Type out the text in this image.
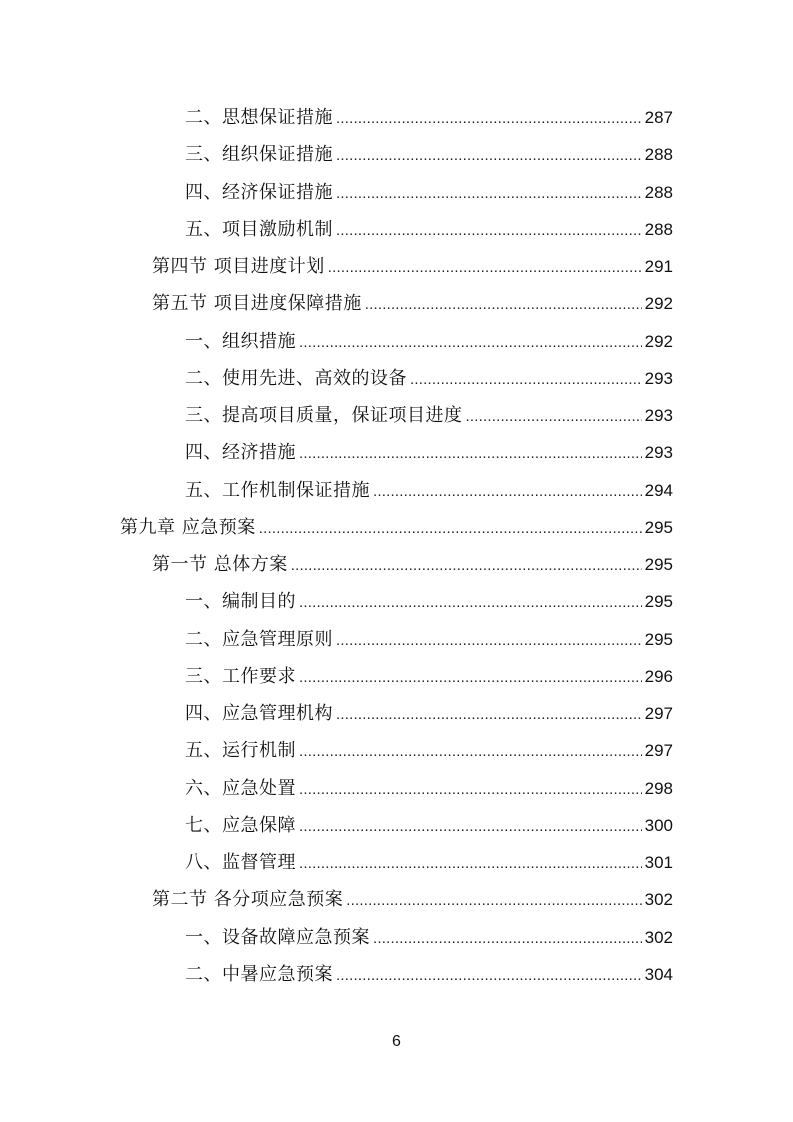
二、思想保证措施 .....	287
三、组织保证措施 .....	288
四、经济保证措施 .....	288
五、项目激励机制 .....	288
第四节 项目进度计划 .....	291
第五节 项目进度保障措施 .....	292
一、组织措施 .....	292
二、使用先进、高效的设备 .....	293
三、提高项目质量，保证项目进度 .....	293
四、经济措施 .....	293
五、工作机制保证措施 .....	294
第九章 应急预案 .....	295
第一节 总体方案 .....	295
一、编制目的 .....	295
二、应急管理原则 .....	295
三、工作要求 .....	296
四、应急管理机构 .....	297
五、运行机制 .....	297
六、应急处置 .....	298
七、应急保障 .....	300
八、监督管理 .....	301
第二节 各分项应急预案 .....	302
一、设备故障应急预案 .....	302
二、中暑应急预案 .....	304
6
